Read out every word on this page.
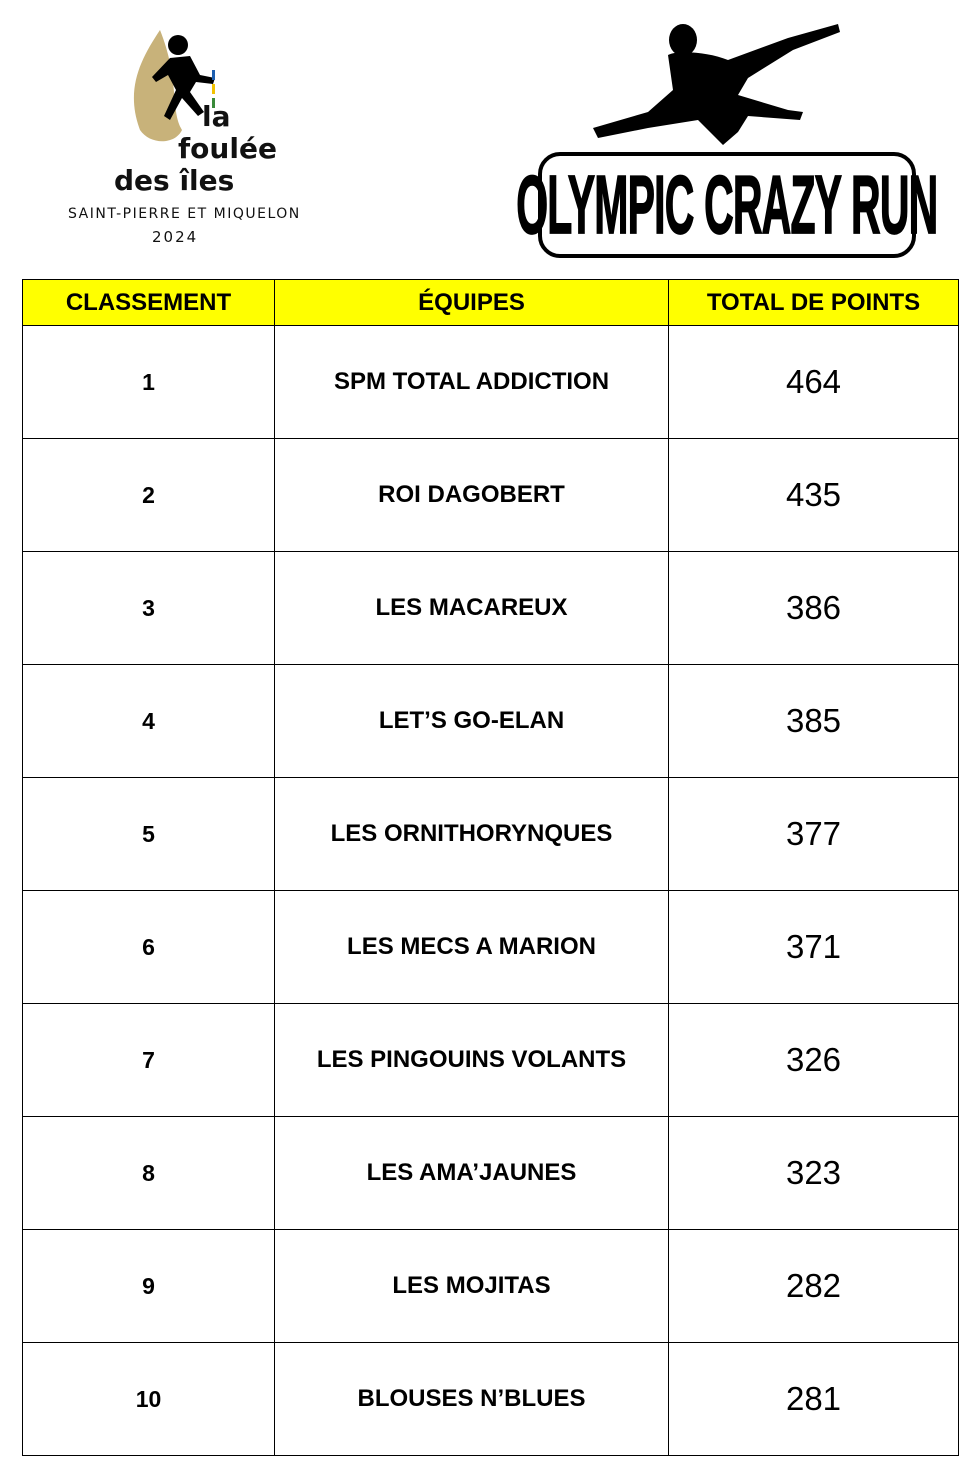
la
foulée
des îles
SAINT-PIERRE ET MIQUELON
2024	OLYMPIC CRAZY RUN
CLASSEMENT	ÉQUIPES	TOTAL DE POINTS
1	SPM TOTAL ADDICTION	464
2	ROI DAGOBERT	435
3	LES MACAREUX	386
4	LET’S GO-ELAN	385
5	LES ORNITHORYNQUES	377
6	LES MECS A MARION	371
7	LES PINGOUINS VOLANTS	326
8	LES AMA’JAUNES	323
9	LES MOJITAS	282
10	BLOUSES N’BLUES	281
